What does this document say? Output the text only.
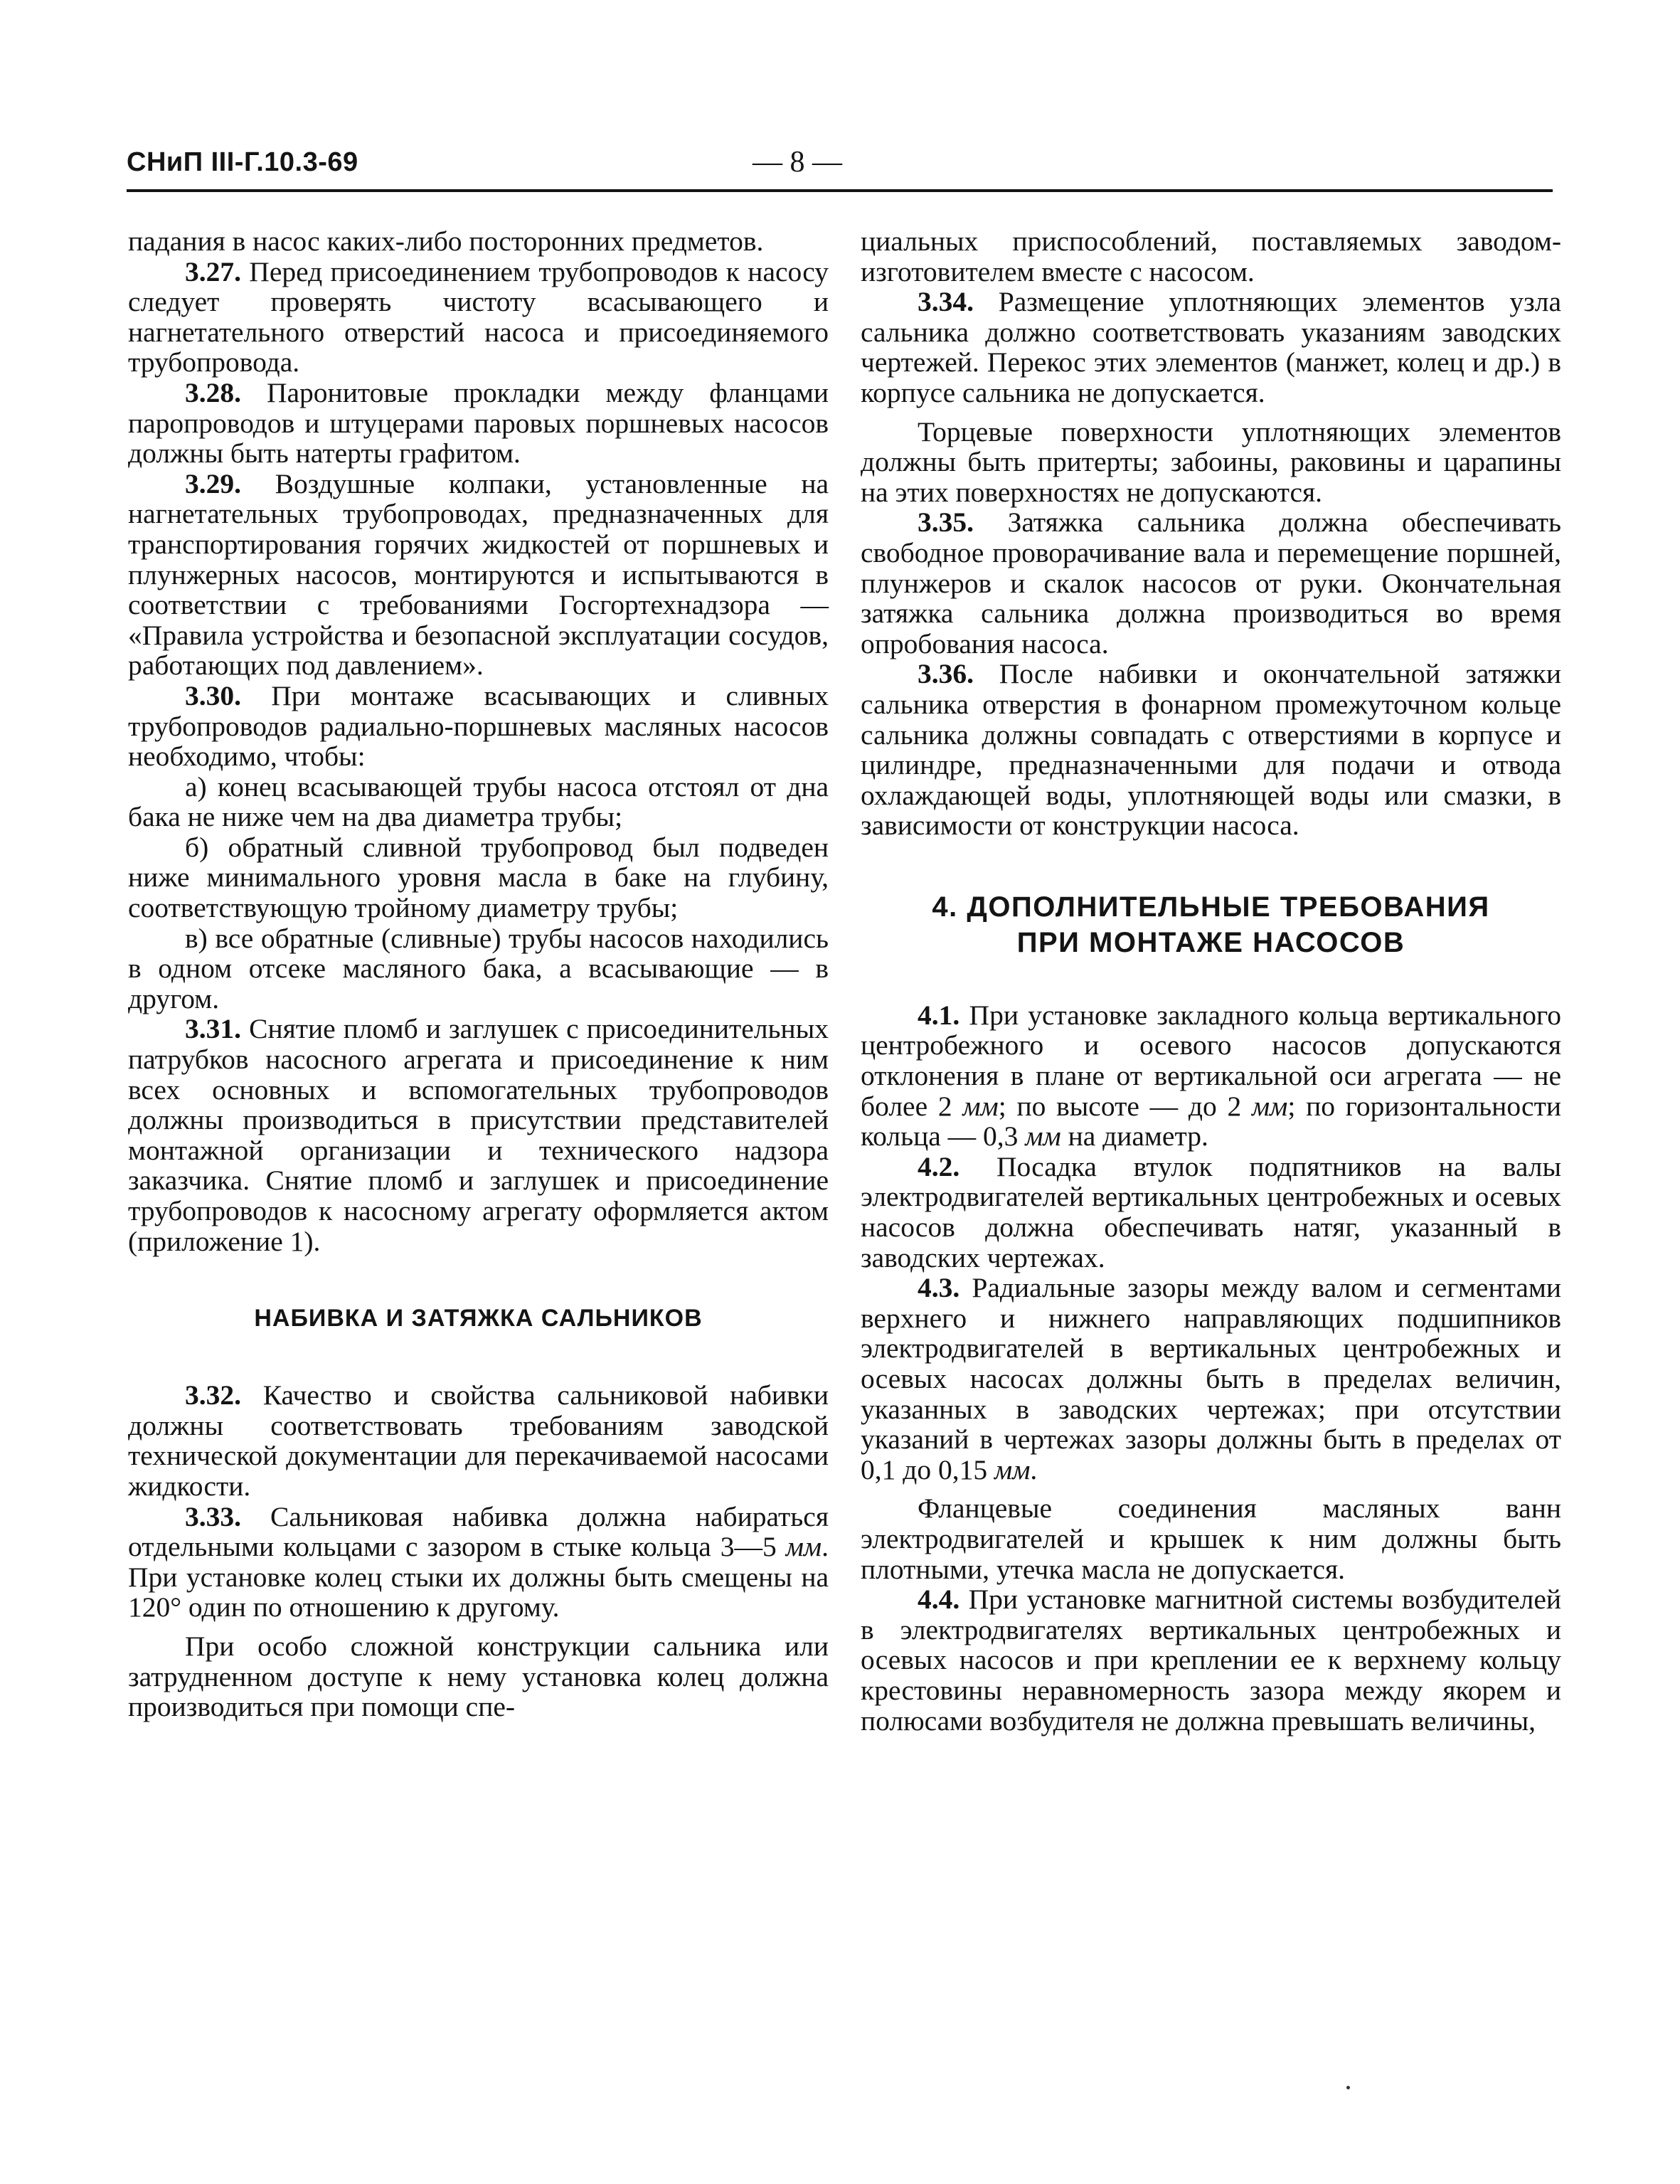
СНиП III-Г.10.3-69	— 8 —

падания в насос каких-либо посторонних предметов.

3.27. Перед присоединением трубопроводов к насосу следует проверять чистоту всасывающего и нагнетательного отверстий насоса и присоединяемого трубопровода.

3.28. Паронитовые прокладки между фланцами паропроводов и штуцерами паровых поршневых насосов должны быть натерты графитом.

3.29. Воздушные колпаки, установленные на нагнетательных трубопроводах, предназначенных для транспортирования горячих жидкостей от поршневых и плунжерных насосов, монтируются и испытываются в соответствии с требованиями Госгортехнадзора — «Правила устройства и безопасной эксплуатации сосудов, работающих под давлением».

3.30. При монтаже всасывающих и сливных трубопроводов радиально-поршневых масляных насосов необходимо, чтобы:

а) конец всасывающей трубы насоса отстоял от дна бака не ниже чем на два диаметра трубы;

б) обратный сливной трубопровод был подведен ниже минимального уровня масла в баке на глубину, соответствующую тройному диаметру трубы;

в) все обратные (сливные) трубы насосов находились в одном отсеке масляного бака, а всасывающие — в другом.

3.31. Снятие пломб и заглушек с присоединительных патрубков насосного агрегата и присоединение к ним всех основных и вспомогательных трубопроводов должны производиться в присутствии представителей монтажной организации и технического надзора заказчика. Снятие пломб и заглушек и присоединение трубопроводов к насосному агрегату оформляется актом (приложение 1).

НАБИВКА И ЗАТЯЖКА САЛЬНИКОВ

3.32. Качество и свойства сальниковой набивки должны соответствовать требованиям заводской технической документации для перекачиваемой насосами жидкости.

3.33. Сальниковая набивка должна набираться отдельными кольцами с зазором в стыке кольца 3—5 мм. При установке колец стыки их должны быть смещены на 120° один по отношению к другому.

При особо сложной конструкции сальника или затрудненном доступе к нему установка колец должна производиться при помощи спе-

циальных приспособлений, поставляемых заводом-изготовителем вместе с насосом.

3.34. Размещение уплотняющих элементов узла сальника должно соответствовать указаниям заводских чертежей. Перекос этих элементов (манжет, колец и др.) в корпусе сальника не допускается.

Торцевые поверхности уплотняющих элементов должны быть притерты; забоины, раковины и царапины на этих поверхностях не допускаются.

3.35. Затяжка сальника должна обеспечивать свободное проворачивание вала и перемещение поршней, плунжеров и скалок насосов от руки. Окончательная затяжка сальника должна производиться во время опробования насоса.

3.36. После набивки и окончательной затяжки сальника отверстия в фонарном промежуточном кольце сальника должны совпадать с отверстиями в корпусе и цилиндре, предназначенными для подачи и отвода охлаждающей воды, уплотняющей воды или смазки, в зависимости от конструкции насоса.

4. ДОПОЛНИТЕЛЬНЫЕ ТРЕБОВАНИЯ
ПРИ МОНТАЖЕ НАСОСОВ

4.1. При установке закладного кольца вертикального центробежного и осевого насосов допускаются отклонения в плане от вертикальной оси агрегата — не более 2 мм; по высоте — до 2 мм; по горизонтальности кольца — 0,3 мм на диаметр.

4.2. Посадка втулок подпятников на валы электродвигателей вертикальных центробежных и осевых насосов должна обеспечивать натяг, указанный в заводских чертежах.

4.3. Радиальные зазоры между валом и сегментами верхнего и нижнего направляющих подшипников электродвигателей в вертикальных центробежных и осевых насосах должны быть в пределах величин, указанных в заводских чертежах; при отсутствии указаний в чертежах зазоры должны быть в пределах от 0,1 до 0,15 мм.

Фланцевые соединения масляных ванн электродвигателей и крышек к ним должны быть плотными, утечка масла не допускается.

4.4. При установке магнитной системы возбудителей в электродвигателях вертикальных центробежных и осевых насосов и при креплении ее к верхнему кольцу крестовины неравномерность зазора между якорем и полюсами возбудителя не должна превышать величины,
